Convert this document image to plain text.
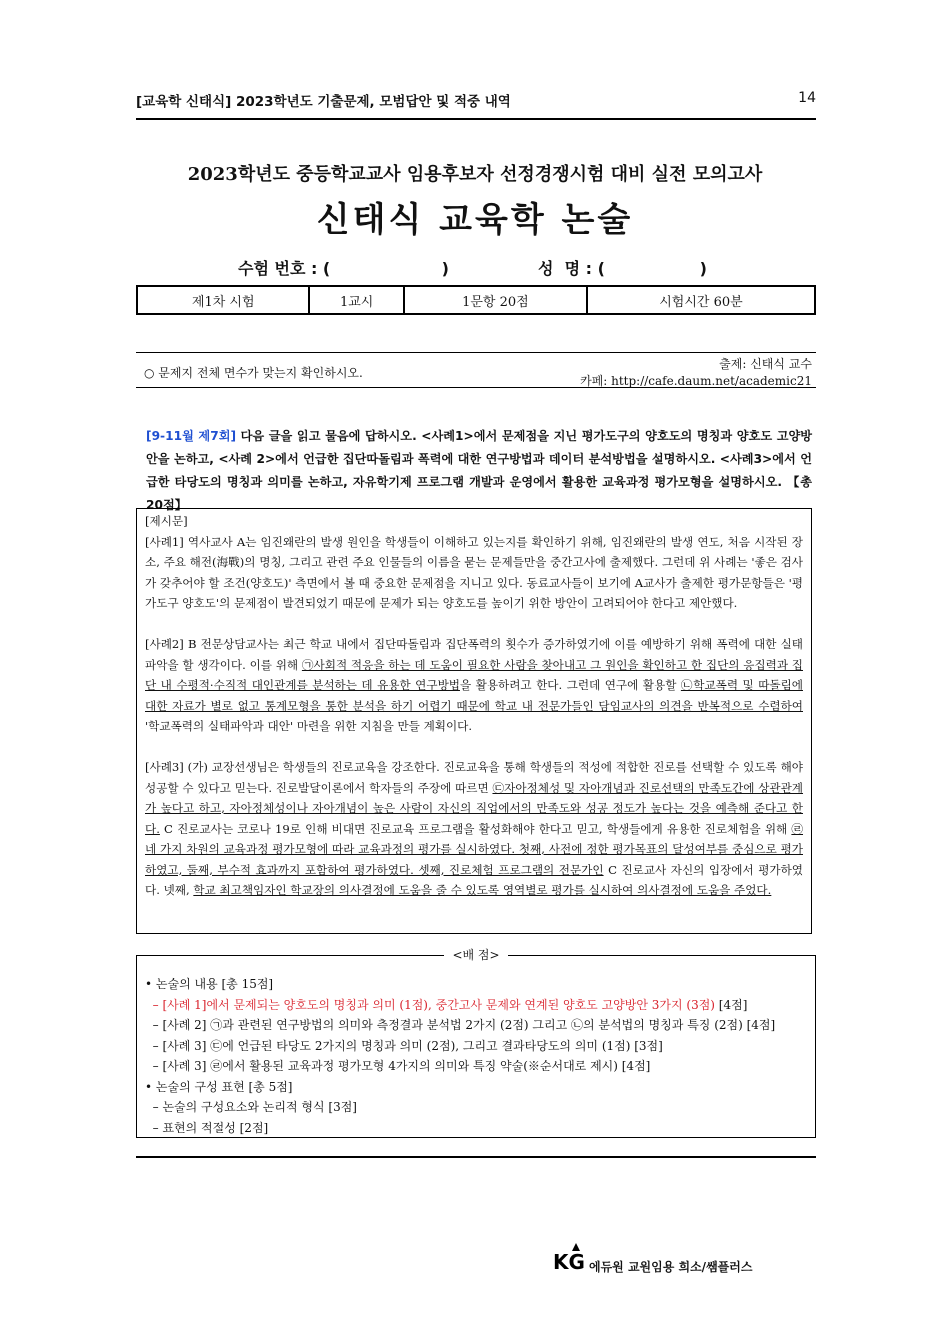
[교육학 신태식] 2023학년도 기출문제, 모범답안 및 적중 내역	14
2023학년도 중등학교교사 임용후보자 선정경쟁시험 대비 실전 모의고사
신태식 교육학 논술
수험 번호 : (                    )	성  명 : (                 )
제1차 시험	1교시	1문항 20점	시험시간 60분
○ 문제지 전체 면수가 맞는지 확인하시오.
출제: 신태식 교수
카페: http://cafe.daum.net/academic21
[9-11월 제7회] 다음 글을 읽고 물음에 답하시오. <사례1>에서 문제점을 지닌 평가도구의 양호도의 명칭과 양호도 고양방안을 논하고, <사례 2>에서 언급한 집단따돌림과 폭력에 대한 연구방법과 데이터 분석방법을 설명하시오. <사례3>에서 언급한 타당도의 명칭과 의미를 논하고, 자유학기제 프로그램 개발과 운영에서 활용한 교육과정 평가모형을 설명하시오. 【총 20점】

[제시문]

[사례1] 역사교사 A는 임진왜란의 발생 원인을 학생들이 이해하고 있는지를 확인하기 위해, 임진왜란의 발생 연도, 처음 시작된 장소, 주요 해전(海戰)의 명칭, 그리고 관련 주요 인물들의 이름을 묻는 문제들만을 중간고사에 출제했다. 그런데 위 사례는 '좋은 검사가 갖추어야 할 조건(양호도)' 측면에서 볼 때 중요한 문제점을 지니고 있다. 동료교사들이 보기에 A교사가 출제한 평가문항들은 '평가도구 양호도'의 문제점이 발견되었기 때문에 문제가 되는 양호도를 높이기 위한 방안이 고려되어야 한다고 제안했다.

[사례2] B 전문상담교사는 최근 학교 내에서 집단따돌림과 집단폭력의 횟수가 증가하였기에 이를 예방하기 위해 폭력에 대한 실태파악을 할 생각이다. 이를 위해 ㉠사회적 적응을 하는 데 도움이 필요한 사람을 찾아내고 그 원인을 확인하고 한 집단의 응집력과 집단 내 수평적·수직적 대인관계를 분석하는 데 유용한 연구방법을 활용하려고 한다. 그런데 연구에 활용할 ㉡학교폭력 및 따돌림에 대한 자료가 별로 없고 통계모형을 통한 분석을 하기 어렵기 때문에 학교 내 전문가들인 담임교사의 의견을 반복적으로 수렴하여 '학교폭력의 실태파악과 대안' 마련을 위한 지침을 만들 계획이다.

[사례3] (가) 교장선생님은 학생들의 진로교육을 강조한다. 진로교육을 통해 학생들의 적성에 적합한 진로를 선택할 수 있도록 해야 성공할 수 있다고 믿는다. 진로발달이론에서 학자들의 주장에 따르면 ㉢자아정체성 및 자아개념과 진로선택의 만족도간에 상관관계가 높다고 하고, 자아정체성이나 자아개념이 높은 사람이 자신의 직업에서의 만족도와 성공 정도가 높다는 것을 예측해 준다고 한다. C 진로교사는 코로나 19로 인해 비대면 진로교육 프로그램을 활성화해야 한다고 믿고, 학생들에게 유용한 진로체험을 위해 ㉣ 네 가지 차원의 교육과정 평가모형에 따라 교육과정의 평가를 실시하였다. 첫째, 사전에 정한 평가목표의 달성여부를 중심으로 평가하였고, 둘째, 부수적 효과까지 포함하여 평가하였다. 셋째, 진로체험 프로그램의 전문가인 C 진로교사 자신의 입장에서 평가하였다. 넷째, 학교 최고책임자인 학교장의 의사결정에 도움을 줄 수 있도록 영역별로 평가를 실시하여 의사결정에 도움을 주었다.

<배 점>
• 논술의 내용 [총 15점]
– [사례 1]에서 문제되는 양호도의 명칭과 의미 (1점), 중간고사 문제와 연계된 양호도 고양방안 3가지 (3점) [4점]
– [사례 2] ㉠과 관련된 연구방법의 의미와 측정결과 분석법 2가지 (2점) 그리고 ㉡의 분석법의 명칭과 특징 (2점) [4점]
– [사례 3] ㉢에 언급된 타당도 2가지의 명칭과 의미 (2점), 그리고 결과타당도의 의미 (1점) [3점]
– [사례 3] ㉣에서 활용된 교육과정 평가모형 4가지의 의미와 특징 약술(※순서대로 제시) [4점]
• 논술의 구성 표현 [총 5점]
– 논술의 구성요소와 논리적 형식 [3점]
– 표현의 적절성 [2점]
KG 에듀원 교원임용 희소/쌤플러스
